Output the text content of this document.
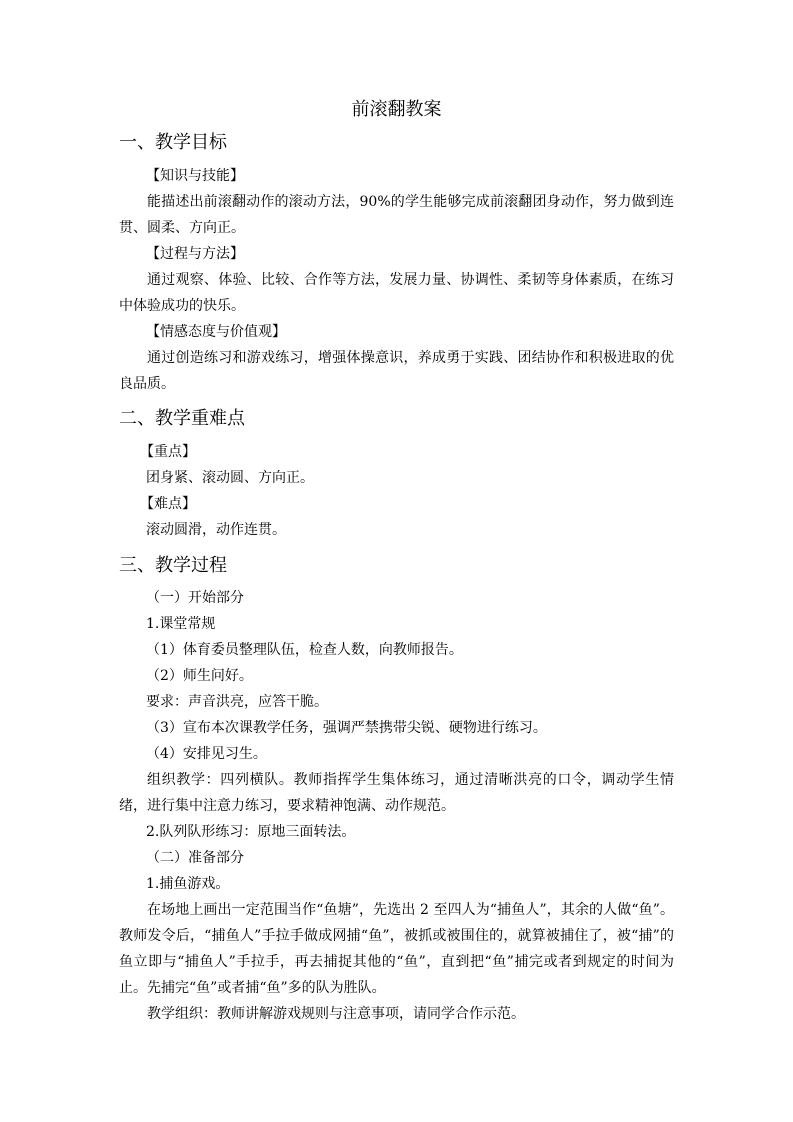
前滚翻教案
一、教学目标
【知识与技能】
能描述出前滚翻动作的滚动方法，90%的学生能够完成前滚翻团身动作，努力做到连贯、圆柔、方向正。
【过程与方法】
通过观察、体验、比较、合作等方法，发展力量、协调性、柔韧等身体素质，在练习中体验成功的快乐。
【情感态度与价值观】
通过创造练习和游戏练习，增强体操意识，养成勇于实践、团结协作和积极进取的优良品质。
二、教学重难点
【重点】
团身紧、滚动圆、方向正。
【难点】
滚动圆滑，动作连贯。
三、教学过程
（一）开始部分
1.课堂常规
（1）体育委员整理队伍，检查人数，向教师报告。
（2）师生问好。
要求：声音洪亮，应答干脆。
（3）宣布本次课教学任务，强调严禁携带尖锐、硬物进行练习。
（4）安排见习生。
组织教学：四列横队。教师指挥学生集体练习，通过清晰洪亮的口令，调动学生情绪，进行集中注意力练习，要求精神饱满、动作规范。
2.队列队形练习：原地三面转法。
（二）准备部分
1.捕鱼游戏。
在场地上画出一定范围当作“鱼塘”，先选出 2 至四人为“捕鱼人”，其余的人做“鱼”。教师发令后，“捕鱼人”手拉手做成网捕“鱼”，被抓或被围住的，就算被捕住了，被“捕”的鱼立即与“捕鱼人”手拉手，再去捕捉其他的“鱼”，直到把“鱼”捕完或者到规定的时间为止。先捕完“鱼”或者捕“鱼”多的队为胜队。
教学组织：教师讲解游戏规则与注意事项，请同学合作示范。
